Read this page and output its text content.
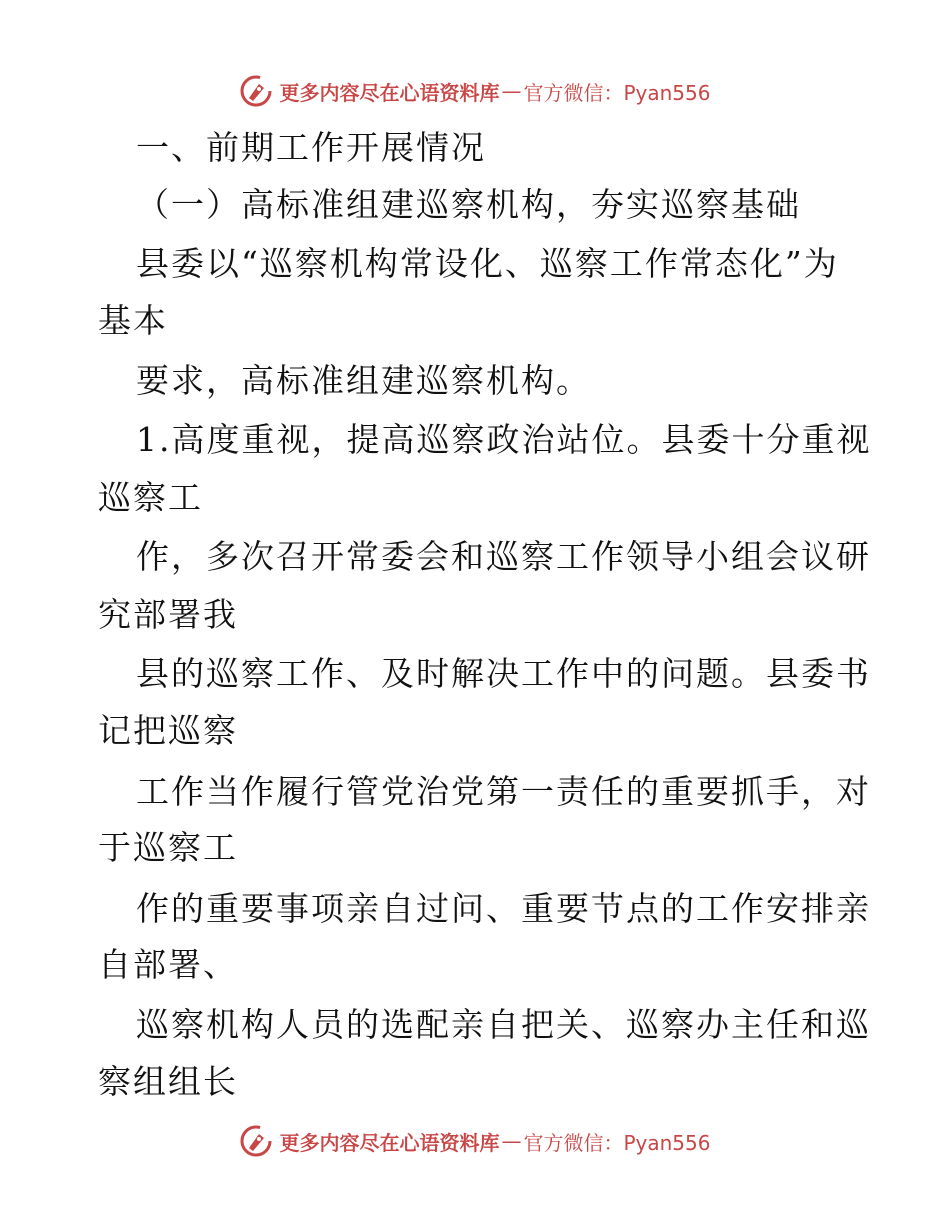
更多内容尽在心语资料库 — 官方微信：Pyan556
一、前期工作开展情况
（一）高标准组建巡察机构，夯实巡察基础
县委以“巡察机构常设化、巡察工作常态化”为
基本
要求，高标准组建巡察机构。
1.高度重视，提高巡察政治站位。县委十分重视
巡察工
作，多次召开常委会和巡察工作领导小组会议研
究部署我
县的巡察工作、及时解决工作中的问题。县委书
记把巡察
工作当作履行管党治党第一责任的重要抓手，对
于巡察工
作的重要事项亲自过问、重要节点的工作安排亲
自部署、
巡察机构人员的选配亲自把关、巡察办主任和巡
察组组长
更多内容尽在心语资料库 — 官方微信：Pyan556
